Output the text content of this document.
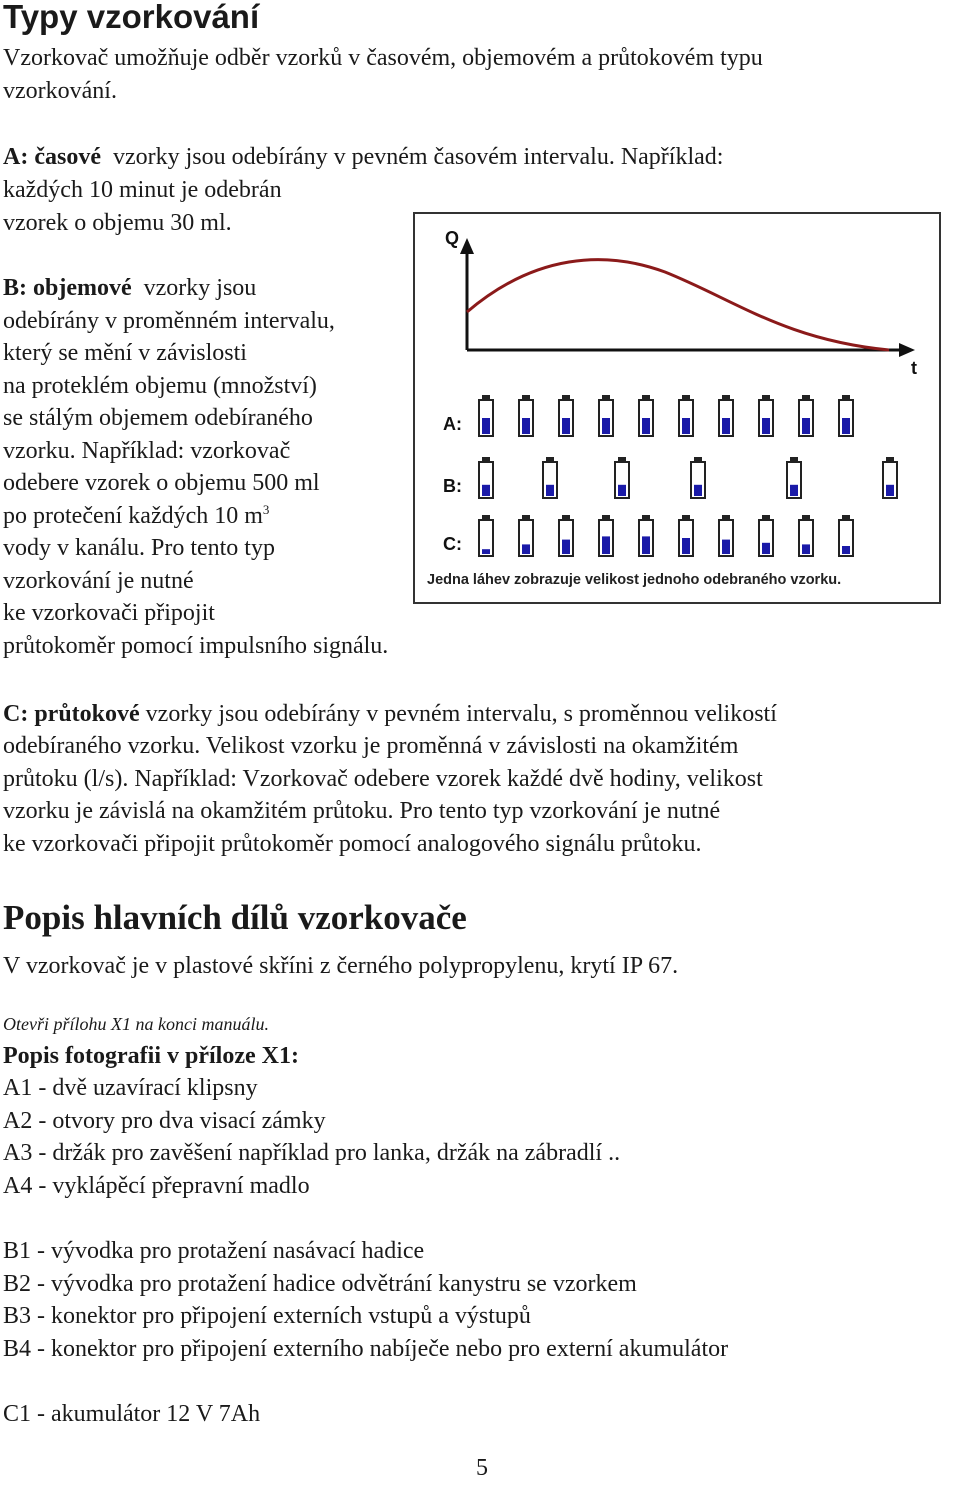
Typy vzorkování
Vzorkovač umožňuje odběr vzorků v časovém, objemovém a průtokovém typu
vzorkování.
A: časové vzorky jsou odebírány v pevném časovém intervalu. Například:
každých 10 minut je odebrán
vzorek o objemu 30 ml.
B: objemové vzorky jsou
odebírány v proměnném intervalu,
který se mění v závislosti
na proteklém objemu (množství)
se stálým objemem odebíraného
vzorku. Například: vzorkovač
odebere vzorek o objemu 500 ml
po protečení každých 10 $m^3$
vody v kanálu. Pro tento typ
vzorkování je nutné
ke vzorkovači připojit
průtokoměr pomocí impulsního signálu.
Q
t
A:
B:
C:
Jedna láhev zobrazuje velikost jednoho odebraného vzorku.
C: průtokové vzorky jsou odebírány v pevném intervalu, s proměnnou velikostí
odebíraného vzorku. Velikost vzorku je proměnná v závislosti na okamžitém
průtoku (l/s). Například: Vzorkovač odebere vzorek každé dvě hodiny, velikost
vzorku je závislá na okamžitém průtoku. Pro tento typ vzorkování je nutné
ke vzorkovači připojit průtokoměr pomocí analogového signálu průtoku.
Popis hlavních dílů vzorkovače
V vzorkovač je v plastové skříni z černého polypropylenu, krytí IP 67.
Otevři přílohu X1 na konci manuálu.
Popis fotografii v příloze X1:
A1 - dvě uzavírací klipsny
A2 - otvory pro dva visací zámky
A3 - držák pro zavěšení například pro lanka, držák na zábradlí ..
A4 - vyklápěcí přepravní madlo
B1 - vývodka pro protažení nasávací hadice
B2 - vývodka pro protažení hadice odvětrání kanystru se vzorkem
B3 - konektor pro připojení externích vstupů a výstupů
B4 - konektor pro připojení externího nabíječe nebo pro externí akumulátor
C1 - akumulátor 12 V 7Ah
5
